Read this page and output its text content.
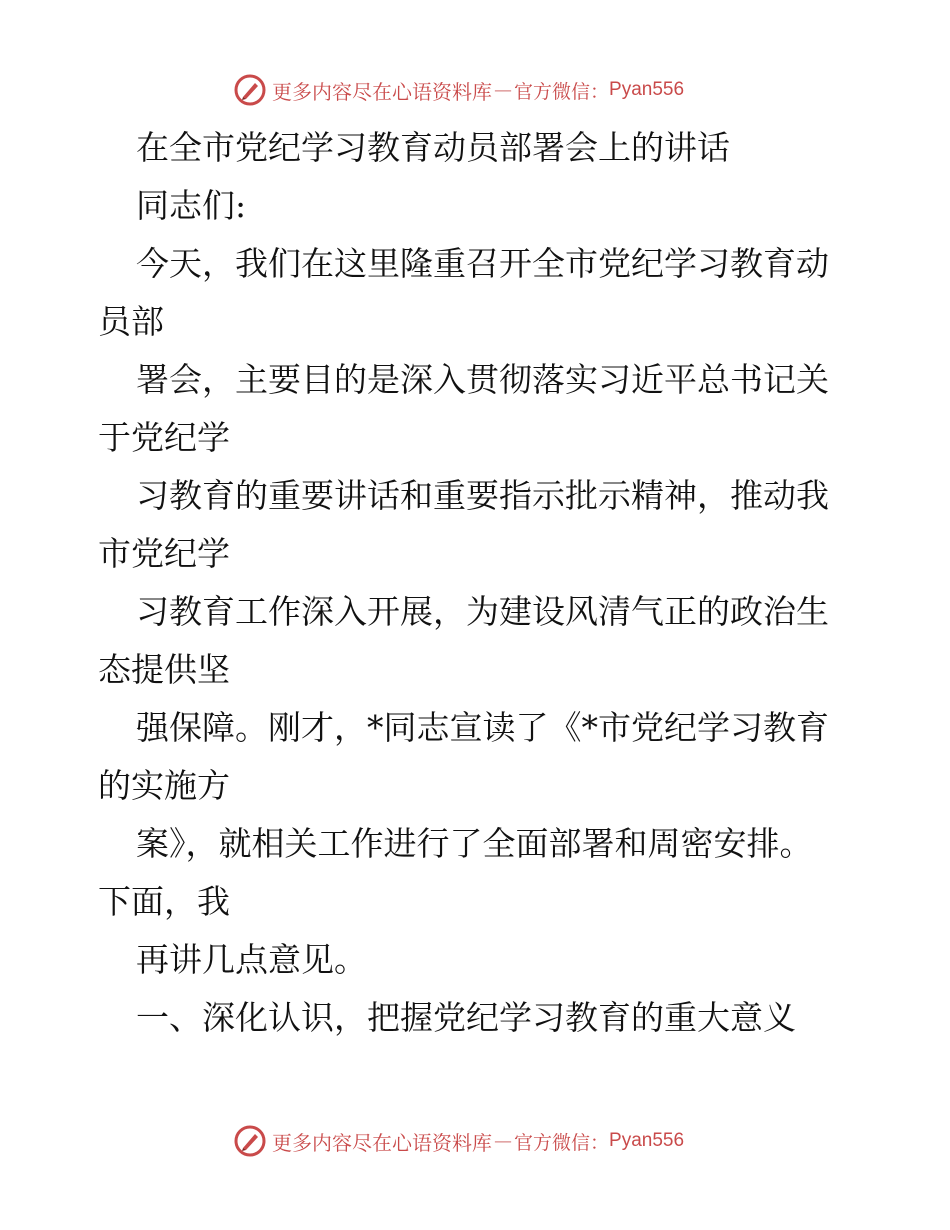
更多内容尽在心语资料库 — 官方微信： Pyan556
在全市党纪学习教育动员部署会上的讲话
同志们:
今天，我们在这里隆重召开全市党纪学习教育动
员部
署会，主要目的是深入贯彻落实习近平总书记关
于党纪学
习教育的重要讲话和重要指示批示精神，推动我
市党纪学
习教育工作深入开展，为建设风清气正的政治生
态提供坚
强保障。刚才，*同志宣读了《*市党纪学习教育
的实施方
案》，就相关工作进行了全面部署和周密安排。
下面，我
再讲几点意见。
一、深化认识，把握党纪学习教育的重大意义
更多内容尽在心语资料库 — 官方微信： Pyan556
